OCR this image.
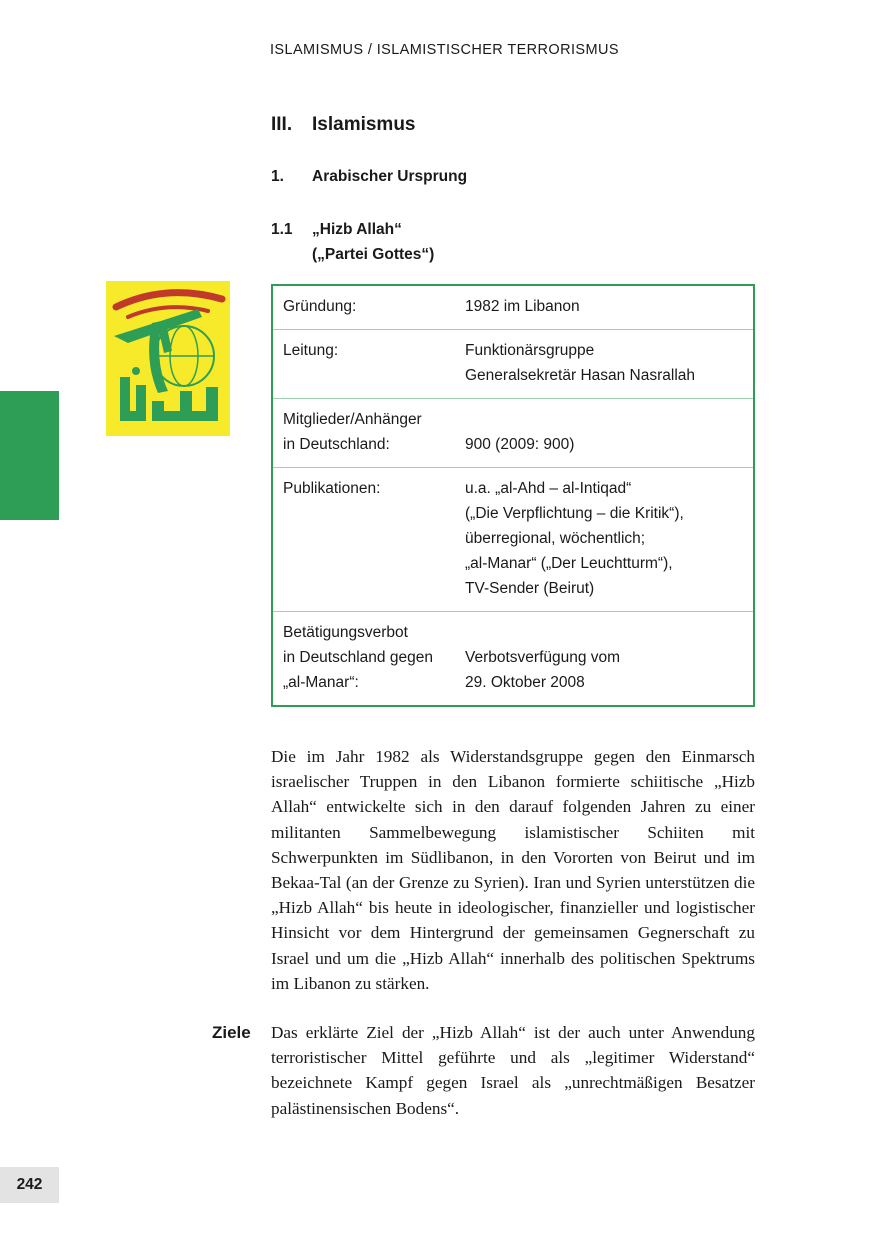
ISLAMISMUS / ISLAMISTISCHER TERRORISMUS
III. Islamismus
1. Arabischer Ursprung
1.1 „Hizb Allah“
(„Partei Gottes“)
Gründung:	1982 im Libanon
Leitung:	Funktionärsgruppe
Generalsekretär Hasan Nasrallah
Mitglieder/Anhänger
in Deutschland:	900 (2009: 900)
Publikationen:	u.a. „al-Ahd – al-Intiqad“
(„Die Verpflichtung – die Kritik“),
überregional, wöchentlich;
„al-Manar“ („Der Leuchtturm“),
TV-Sender (Beirut)
Betätigungsverbot
in Deutschland gegen
„al-Manar“:
Verbotsverfügung vom
29. Oktober 2008
Die im Jahr 1982 als Widerstandsgruppe gegen den Einmarsch israelischer Truppen in den Libanon formierte schiitische „Hizb Allah“ entwickelte sich in den darauf folgenden Jahren zu einer militanten Sammelbewegung islamistischer Schiiten mit Schwerpunkten im Südlibanon, in den Vororten von Beirut und im Bekaa-Tal (an der Grenze zu Syrien). Iran und Syrien unterstützen die „Hizb Allah“ bis heute in ideologischer, finanzieller und logistischer Hinsicht vor dem Hintergrund der gemeinsamen Gegnerschaft zu Israel und um die „Hizb Allah“ innerhalb des politischen Spektrums im Libanon zu stärken.
Ziele Das erklärte Ziel der „Hizb Allah“ ist der auch unter Anwendung terroristischer Mittel geführte und als „legitimer Widerstand“ bezeichnete Kampf gegen Israel als „unrechtmäßigen Besatzer palästinensischen Bodens“.
242
